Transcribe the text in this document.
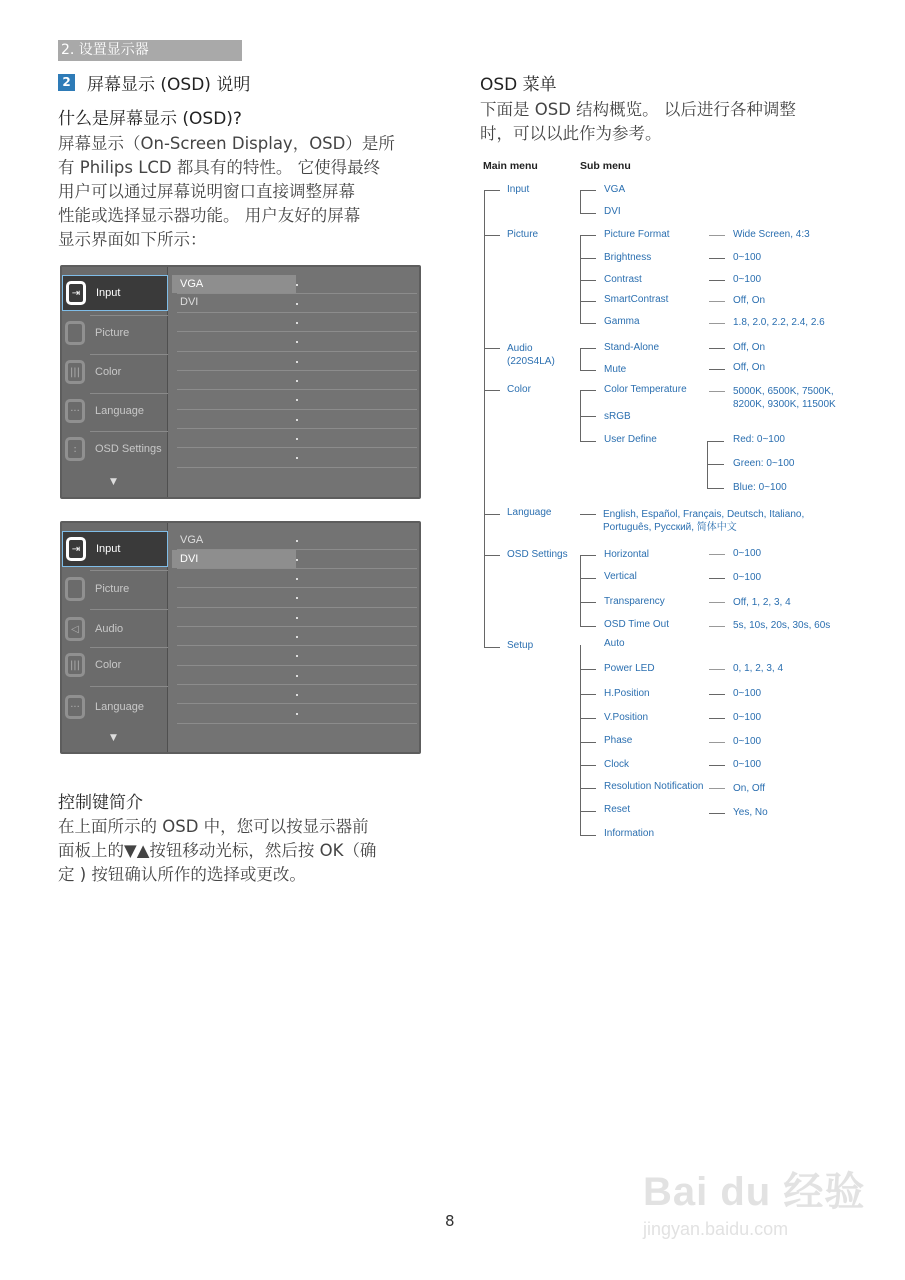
2. 设置显示器
2 屏幕显示 (OSD) 说明
什么是屏幕显示 (OSD)?
屏幕显示（On-Screen Display，OSD）是所
有 Philips LCD 都具有的特性。 它使得最终
用户可以通过屏幕说明窗口直接调整屏幕
性能或选择显示器功能。 用户友好的屏幕
显示界面如下所示：
⇥	Input
Picture
|||	Color
···	Language
:	OSD Settings
▼
VGA
DVI
⇥	Input
Picture
◁	Audio
|||	Color
···	Language
▼
VGA
DVI
控制键简介
在上面所示的 OSD 中，您可以按显示器前
面板上的▼▲按钮移动光标，然后按 OK（确
定 ) 按钮确认所作的选择或更改。
OSD 菜单
下面是 OSD 结构概览。 以后进行各种调整
时，可以以此作为参考。
Main menu	Sub menu
Input	VGA
DVI
Picture	Picture Format	Wide Screen, 4:3
Brightness	0~100
Contrast	0~100
SmartContrast	Off, On
Gamma	1.8, 2.0, 2.2, 2.4, 2.6
Audio
(220S4LA)
Stand-Alone	Off, On
Mute	Off, On
Color	Color Temperature	5000K, 6500K, 7500K,
8200K, 9300K, 11500K
sRGB
User Define	Red: 0~100
Green: 0~100
Blue: 0~100
Language	English, Español, Français, Deutsch, Italiano,
Português, Русский, 简体中文
OSD Settings	Horizontal	0~100
Vertical	0~100
Transparency	Off, 1, 2, 3, 4
OSD Time Out	5s, 10s, 20s, 30s, 60s
Setup	Auto
Power LED	0, 1, 2, 3, 4
H.Position	0~100
V.Position	0~100
Phase	0~100
Clock	0~100
Resolution Notification	On, Off
Reset	Yes, No
Information
Bai du 经验
jingyan.baidu.com
8
